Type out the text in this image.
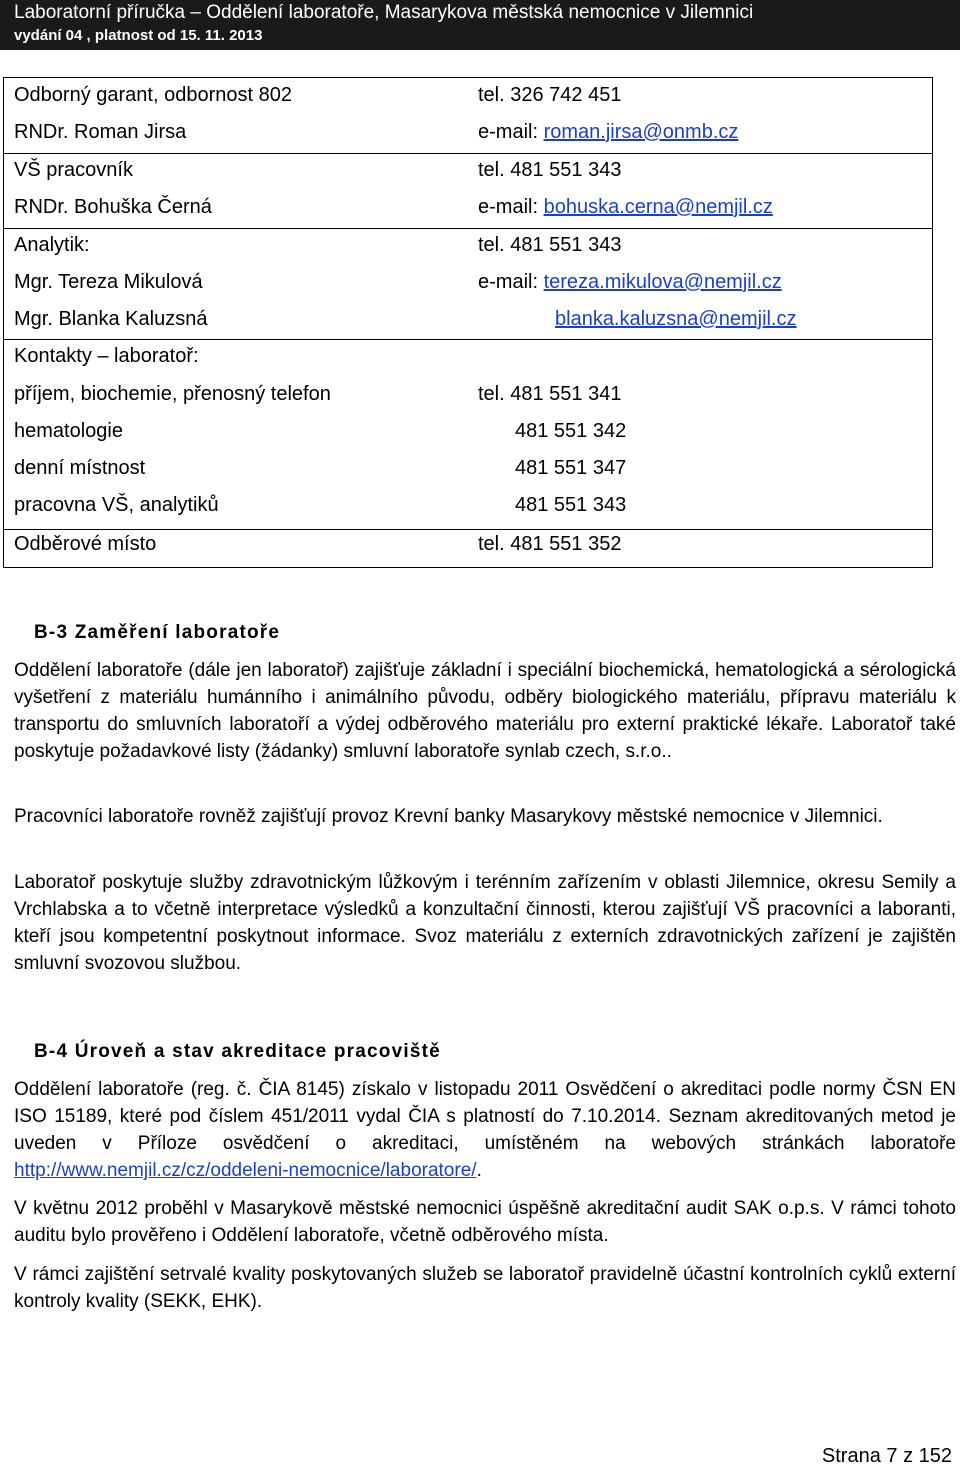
Laboratorní příručka – Oddělení laboratoře, Masarykova městská nemocnice v Jilemnici
vydání 04 , platnost od 15. 11. 2013
Odborný garant, odbornost 802	tel. 326 742 451
RNDr. Roman Jirsa	e-mail: roman.jirsa@onmb.cz
VŠ pracovník	tel. 481 551 343
RNDr. Bohuška Černá	e-mail: bohuska.cerna@nemjil.cz
Analytik:	tel. 481 551 343
Mgr. Tereza Mikulová	e-mail: tereza.mikulova@nemjil.cz
Mgr. Blanka Kaluzsná	blanka.kaluzsna@nemjil.cz
Kontakty – laboratoř:
příjem, biochemie, přenosný telefon	tel. 481 551 341
hematologie	481 551 342
denní místnost	481 551 347
pracovna VŠ, analytiků	481 551 343
Odběrové místo	tel. 481 551 352
B-3 Zaměření laboratoře
Oddělení laboratoře (dále jen laboratoř) zajišťuje základní i speciální biochemická, hematologická a sérologická vyšetření z materiálu humánního i animálního původu, odběry biologického materiálu, přípravu materiálu k transportu do smluvních laboratoří a výdej odběrového materiálu pro externí praktické lékaře. Laboratoř také poskytuje požadavkové listy (žádanky) smluvní laboratoře synlab czech, s.r.o..
Pracovníci laboratoře rovněž zajišťují provoz Krevní banky Masarykovy městské nemocnice v Jilemnici.
Laboratoř poskytuje služby zdravotnickým lůžkovým i terénním zařízením v oblasti Jilemnice, okresu Semily a Vrchlabska a to včetně interpretace výsledků a konzultační činnosti, kterou zajišťují VŠ pracovníci a laboranti, kteří jsou kompetentní poskytnout informace. Svoz materiálu z externích zdravotnických zařízení je zajištěn smluvní svozovou službou.
B-4 Úroveň a stav akreditace pracoviště
Oddělení laboratoře (reg. č. ČIA 8145) získalo v listopadu 2011 Osvědčení o akreditaci podle normy ČSN EN ISO 15189, které pod číslem 451/2011 vydal ČIA s platností do 7.10.2014. Seznam akreditovaných metod je uveden v Příloze osvědčení o akreditaci, umístěném na webových stránkách laboratoře http://www.nemjil.cz/cz/oddeleni-nemocnice/laboratore/.
V květnu 2012 proběhl v Masarykově městské nemocnici úspěšně akreditační audit SAK o.p.s. V rámci tohoto auditu bylo prověřeno i Oddělení laboratoře, včetně odběrového místa.
V rámci zajištění setrvalé kvality poskytovaných služeb se laboratoř pravidelně účastní kontrolních cyklů externí kontroly kvality (SEKK, EHK).
Strana 7 z 152
